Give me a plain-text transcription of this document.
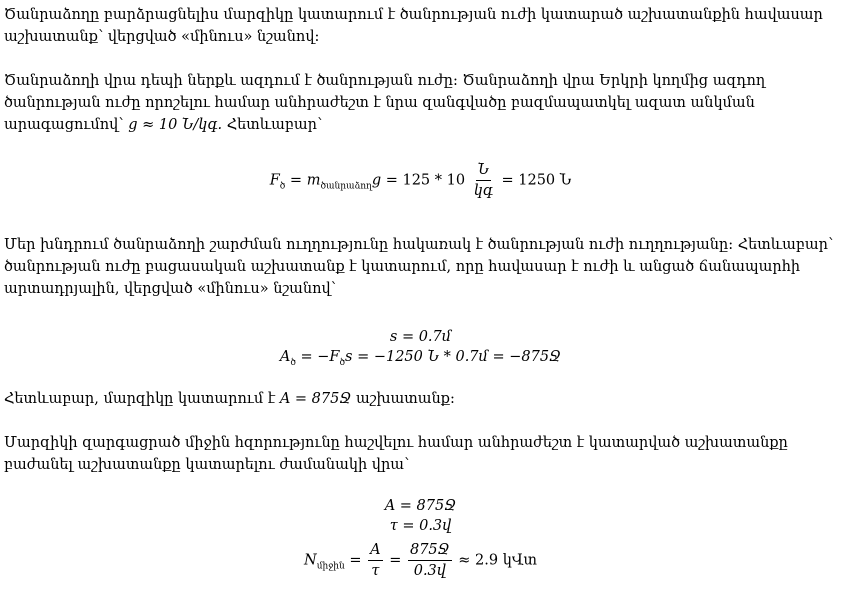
Ծանրաձողը բարձրացնելիս մարզիկը կատարում է ծանրության ուժի կատարած աշխատանքին հավասար աշխատանք՝ վերցված «մինուս» նշանով:

Ծանրաձողի վրա դեպի ներքև ազդում է ծանրության ուժը: Ծանրաձողի վրա Երկրի կողմից ազդող ծանրության ուժը որոշելու համար անհրաժեշտ է նրա զանգվածը բազմապատկել ազատ անկման արագացումով՝ g ≈ 10 Ն/կգ. Հետևաբար՝

$F_ծ = m_{ծանրաձող}g = 125 * 10 \frac{\text{Ն}}{\text{կգ}} = 1250$ Ն

Մեր խնդրում ծանրաձողի շարժման ուղղությունը հակառակ է ծանրության ուժի ուղղությանը: Հետևաբար՝ ծանրության ուժը բացասական աշխատանք է կատարում, որը հավասար է ուժի և անցած ճանապարհի արտադրյալին, վերցված «մինուս» նշանով՝

s = 0.7մ
$A_ծ = -F_ծs = -1250$ Ն * 0.7մ = −875Ջ

Հետևաբար, մարզիկը կատարում է A = 875Ջ աշխատանք:

Մարզիկի զարգացրած միջին հզորությունը հաշվելու համար անհրաժեշտ է կատարված աշխատանքը բաժանել աշխատանքը կատարելու ժամանակի վրա՝

A = 875Ջ
τ = 0.3վ
$N_{միջին} = \frac{A}{\tau} = \frac{\text{875Ջ}}{\text{0.3վ}} \approx 2.9$ կՎտ
